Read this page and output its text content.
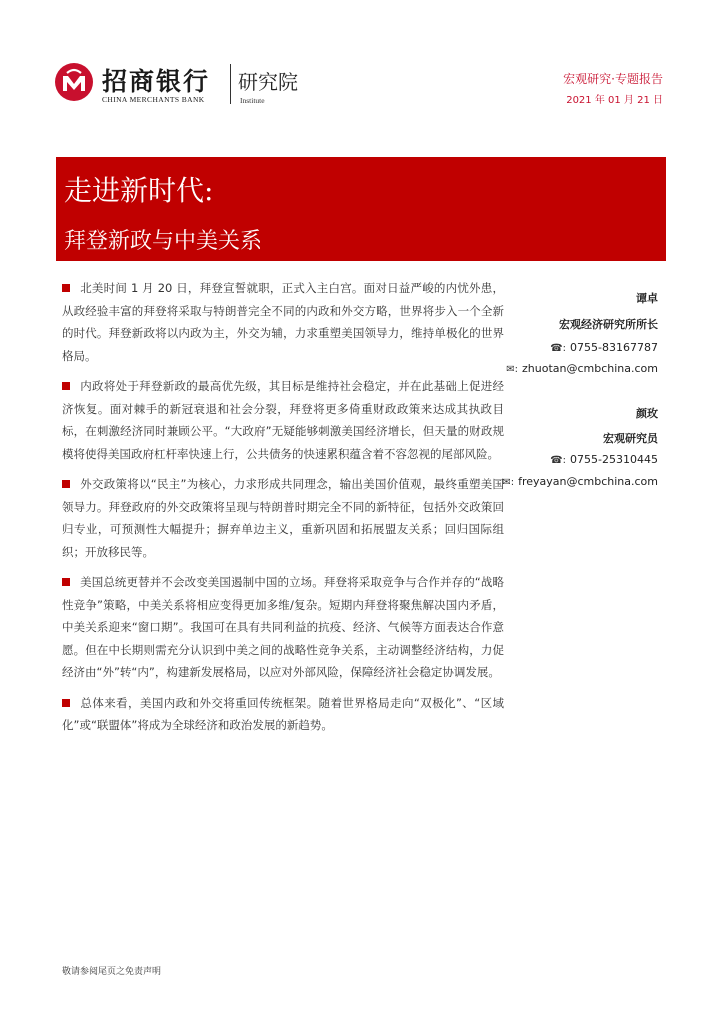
招商银行
CHINA MERCHANTS BANK
研究院
Institute
宏观研究·专题报告
2021 年 01 月 21 日
走进新时代:
拜登新政与中美关系

北美时间 1 月 20 日，拜登宣誓就职，正式入主白宫。面对日益严峻的内忧外患，从政经验丰富的拜登将采取与特朗普完全不同的内政和外交方略，世界将步入一个全新的时代。拜登新政将以内政为主，外交为辅，力求重塑美国领导力，维持单极化的世界格局。

内政将处于拜登新政的最高优先级，其目标是维持社会稳定，并在此基础上促进经济恢复。面对棘手的新冠衰退和社会分裂，拜登将更多倚重财政政策来达成其执政目标，在刺激经济同时兼顾公平。“大政府”无疑能够刺激美国经济增长，但天量的财政规模将使得美国政府杠杆率快速上行，公共债务的快速累积蕴含着不容忽视的尾部风险。

外交政策将以“民主”为核心，力求形成共同理念，输出美国价值观，最终重塑美国领导力。拜登政府的外交政策将呈现与特朗普时期完全不同的新特征，包括外交政策回归专业，可预测性大幅提升；摒弃单边主义，重新巩固和拓展盟友关系；回归国际组织；开放移民等。

美国总统更替并不会改变美国遏制中国的立场。拜登将采取竞争与合作并存的“战略性竞争”策略，中美关系将相应变得更加多维/复杂。短期内拜登将聚焦解决国内矛盾，中美关系迎来“窗口期”。我国可在具有共同利益的抗疫、经济、气候等方面表达合作意愿。但在中长期则需充分认识到中美之间的战略性竞争关系，主动调整经济结构，力促经济由“外”转“内”，构建新发展格局，以应对外部风险，保障经济社会稳定协调发展。

总体来看，美国内政和外交将重回传统框架。随着世界格局走向“双极化”、“区域化”或“联盟体”将成为全球经济和政治发展的新趋势。

谭卓
宏观经济研究所所长
☎: 0755-83167787
✉: zhuotan@cmbchina.com
颜玫
宏观研究员
☎: 0755-25310445
✉: freyayan@cmbchina.com
敬请参阅尾页之免责声明
